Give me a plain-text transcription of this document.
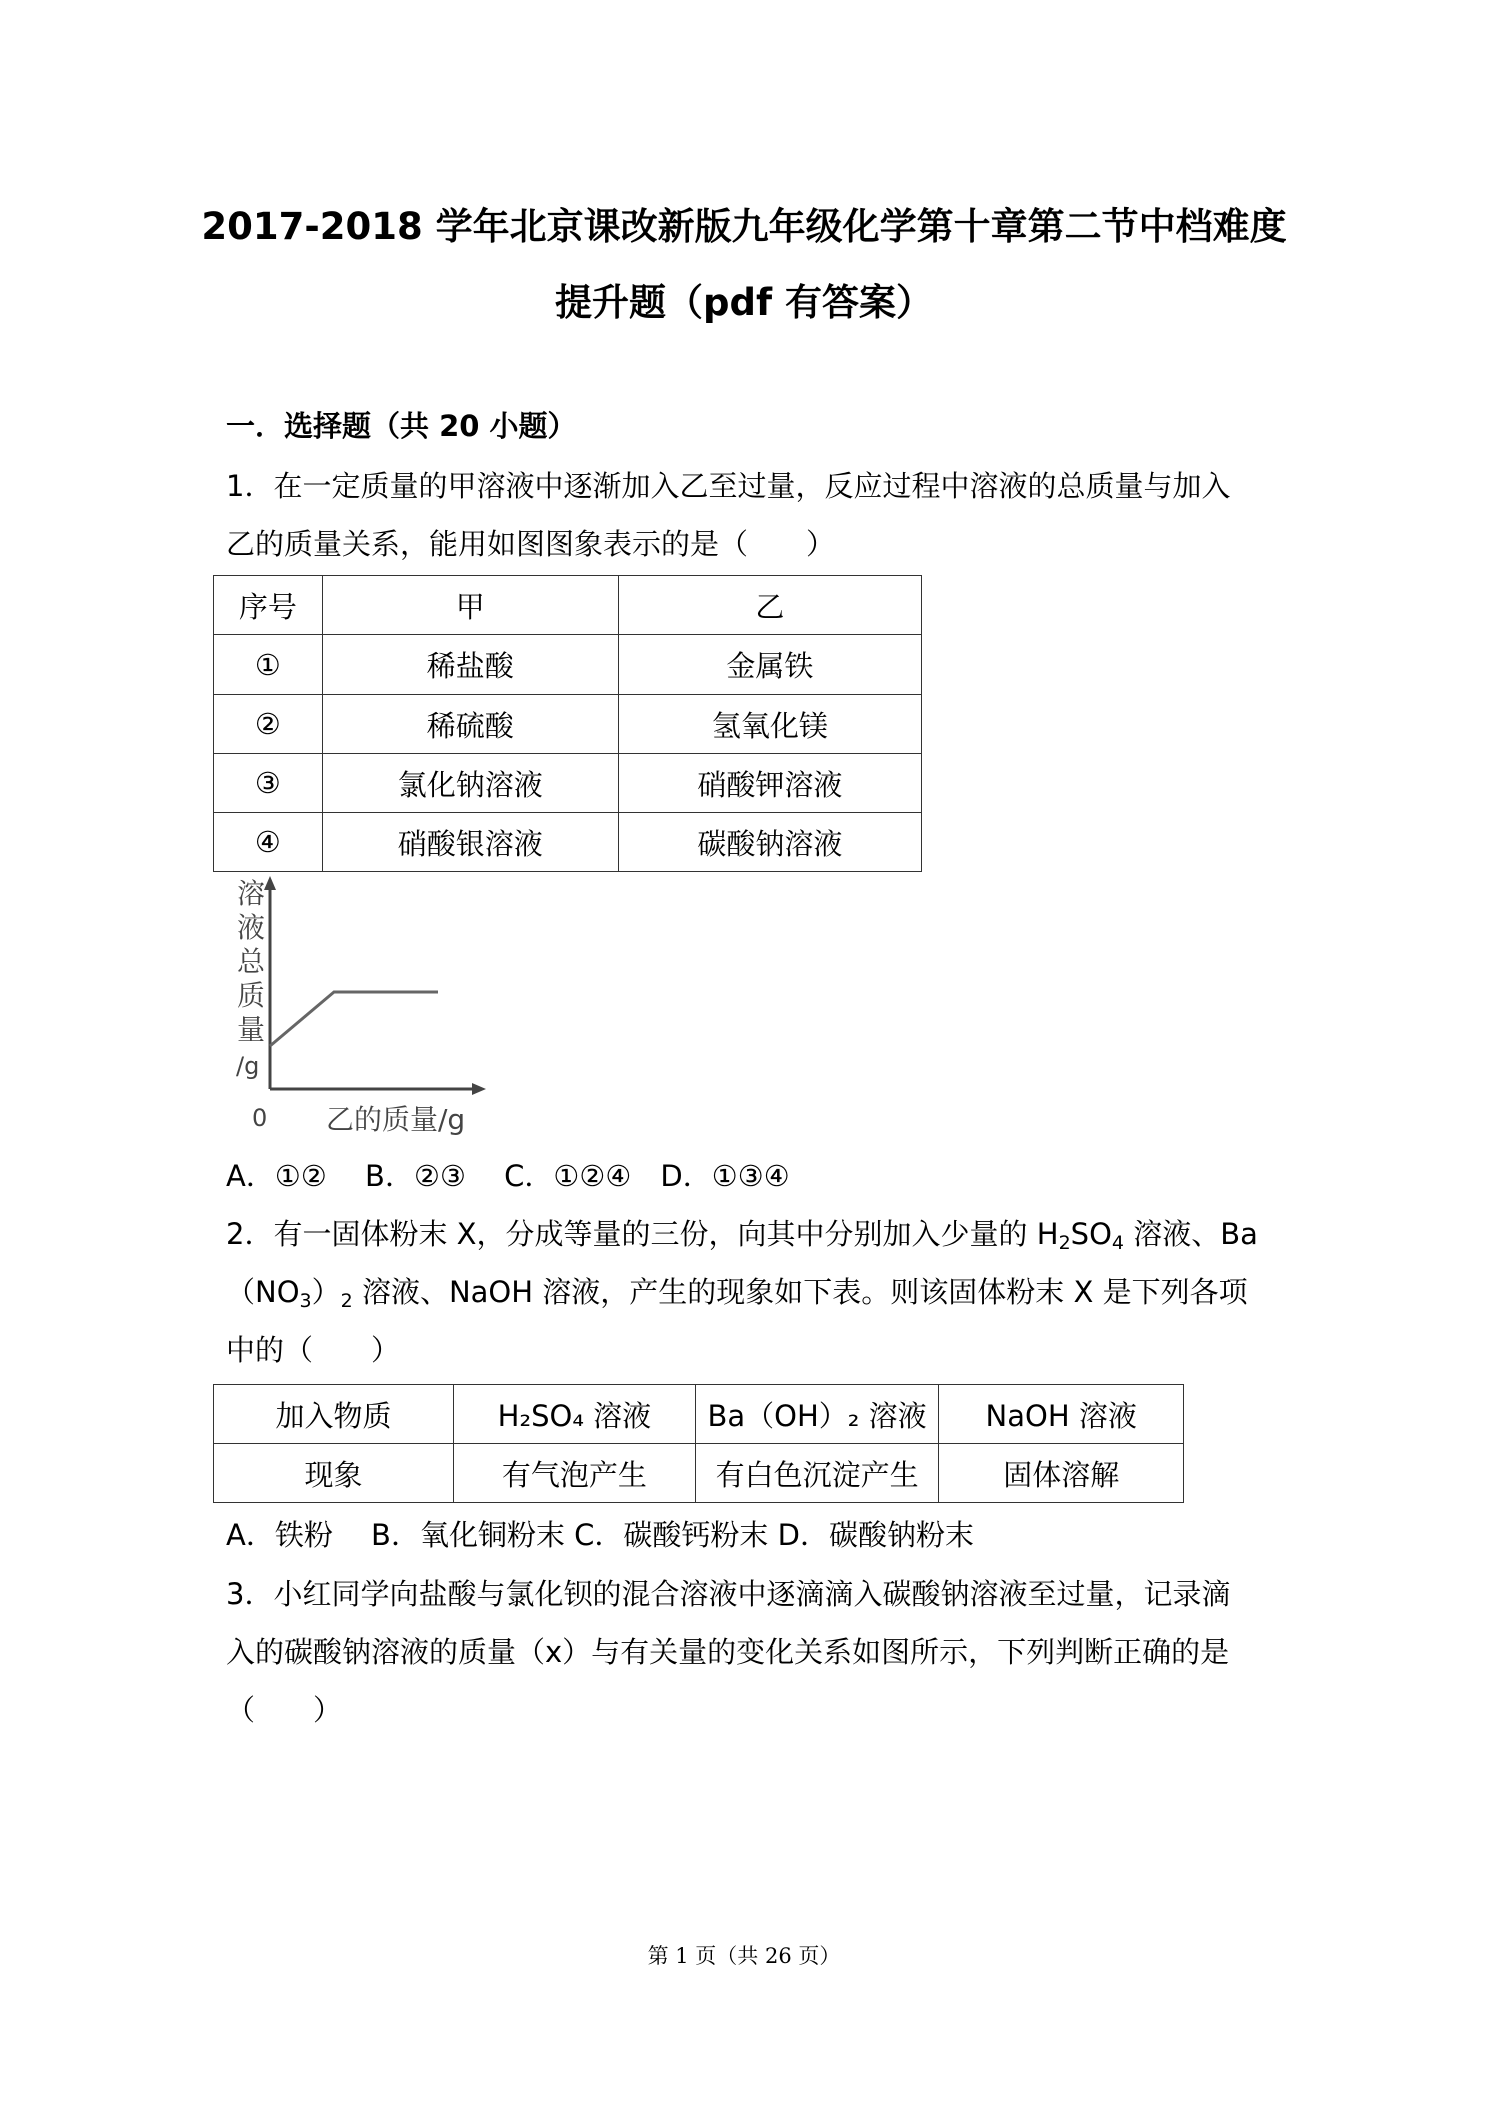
2017-2018 学年北京课改新版九年级化学第十章第二节中档难度
提升题（pdf 有答案）
一．选择题（共 20 小题）
1．在一定质量的甲溶液中逐渐加入乙至过量，反应过程中溶液的总质量与加入
乙的质量关系，能用如图图象表示的是（　　）
序号	甲	乙
①	稀盐酸	金属铁
②	稀硫酸	氢氧化镁
③	氯化钠溶液	硝酸钾溶液
④	硝酸银溶液	碳酸钠溶液
溶
液
总
质
量
/g
0 乙的质量/g
A．①②　 B．②③　 C．①②④　D．①③④
2．有一固体粉末 X，分成等量的三份，向其中分别加入少量的 $H_2SO_4$ 溶液、Ba
$(NO_3)_2$ 溶液、NaOH 溶液，产生的现象如下表。则该固体粉末 X 是下列各项
中的（　　）
加入物质	H₂SO₄ 溶液	Ba（OH）₂ 溶液	NaOH 溶液
现象	有气泡产生	有白色沉淀产生	固体溶解
A．铁粉　 B．氧化铜粉末 C．碳酸钙粉末 D．碳酸钠粉末
3．小红同学向盐酸与氯化钡的混合溶液中逐滴滴入碳酸钠溶液至过量，记录滴
入的碳酸钠溶液的质量（x）与有关量的变化关系如图所示，下列判断正确的是
（　　）
第 1 页（共 26 页）
